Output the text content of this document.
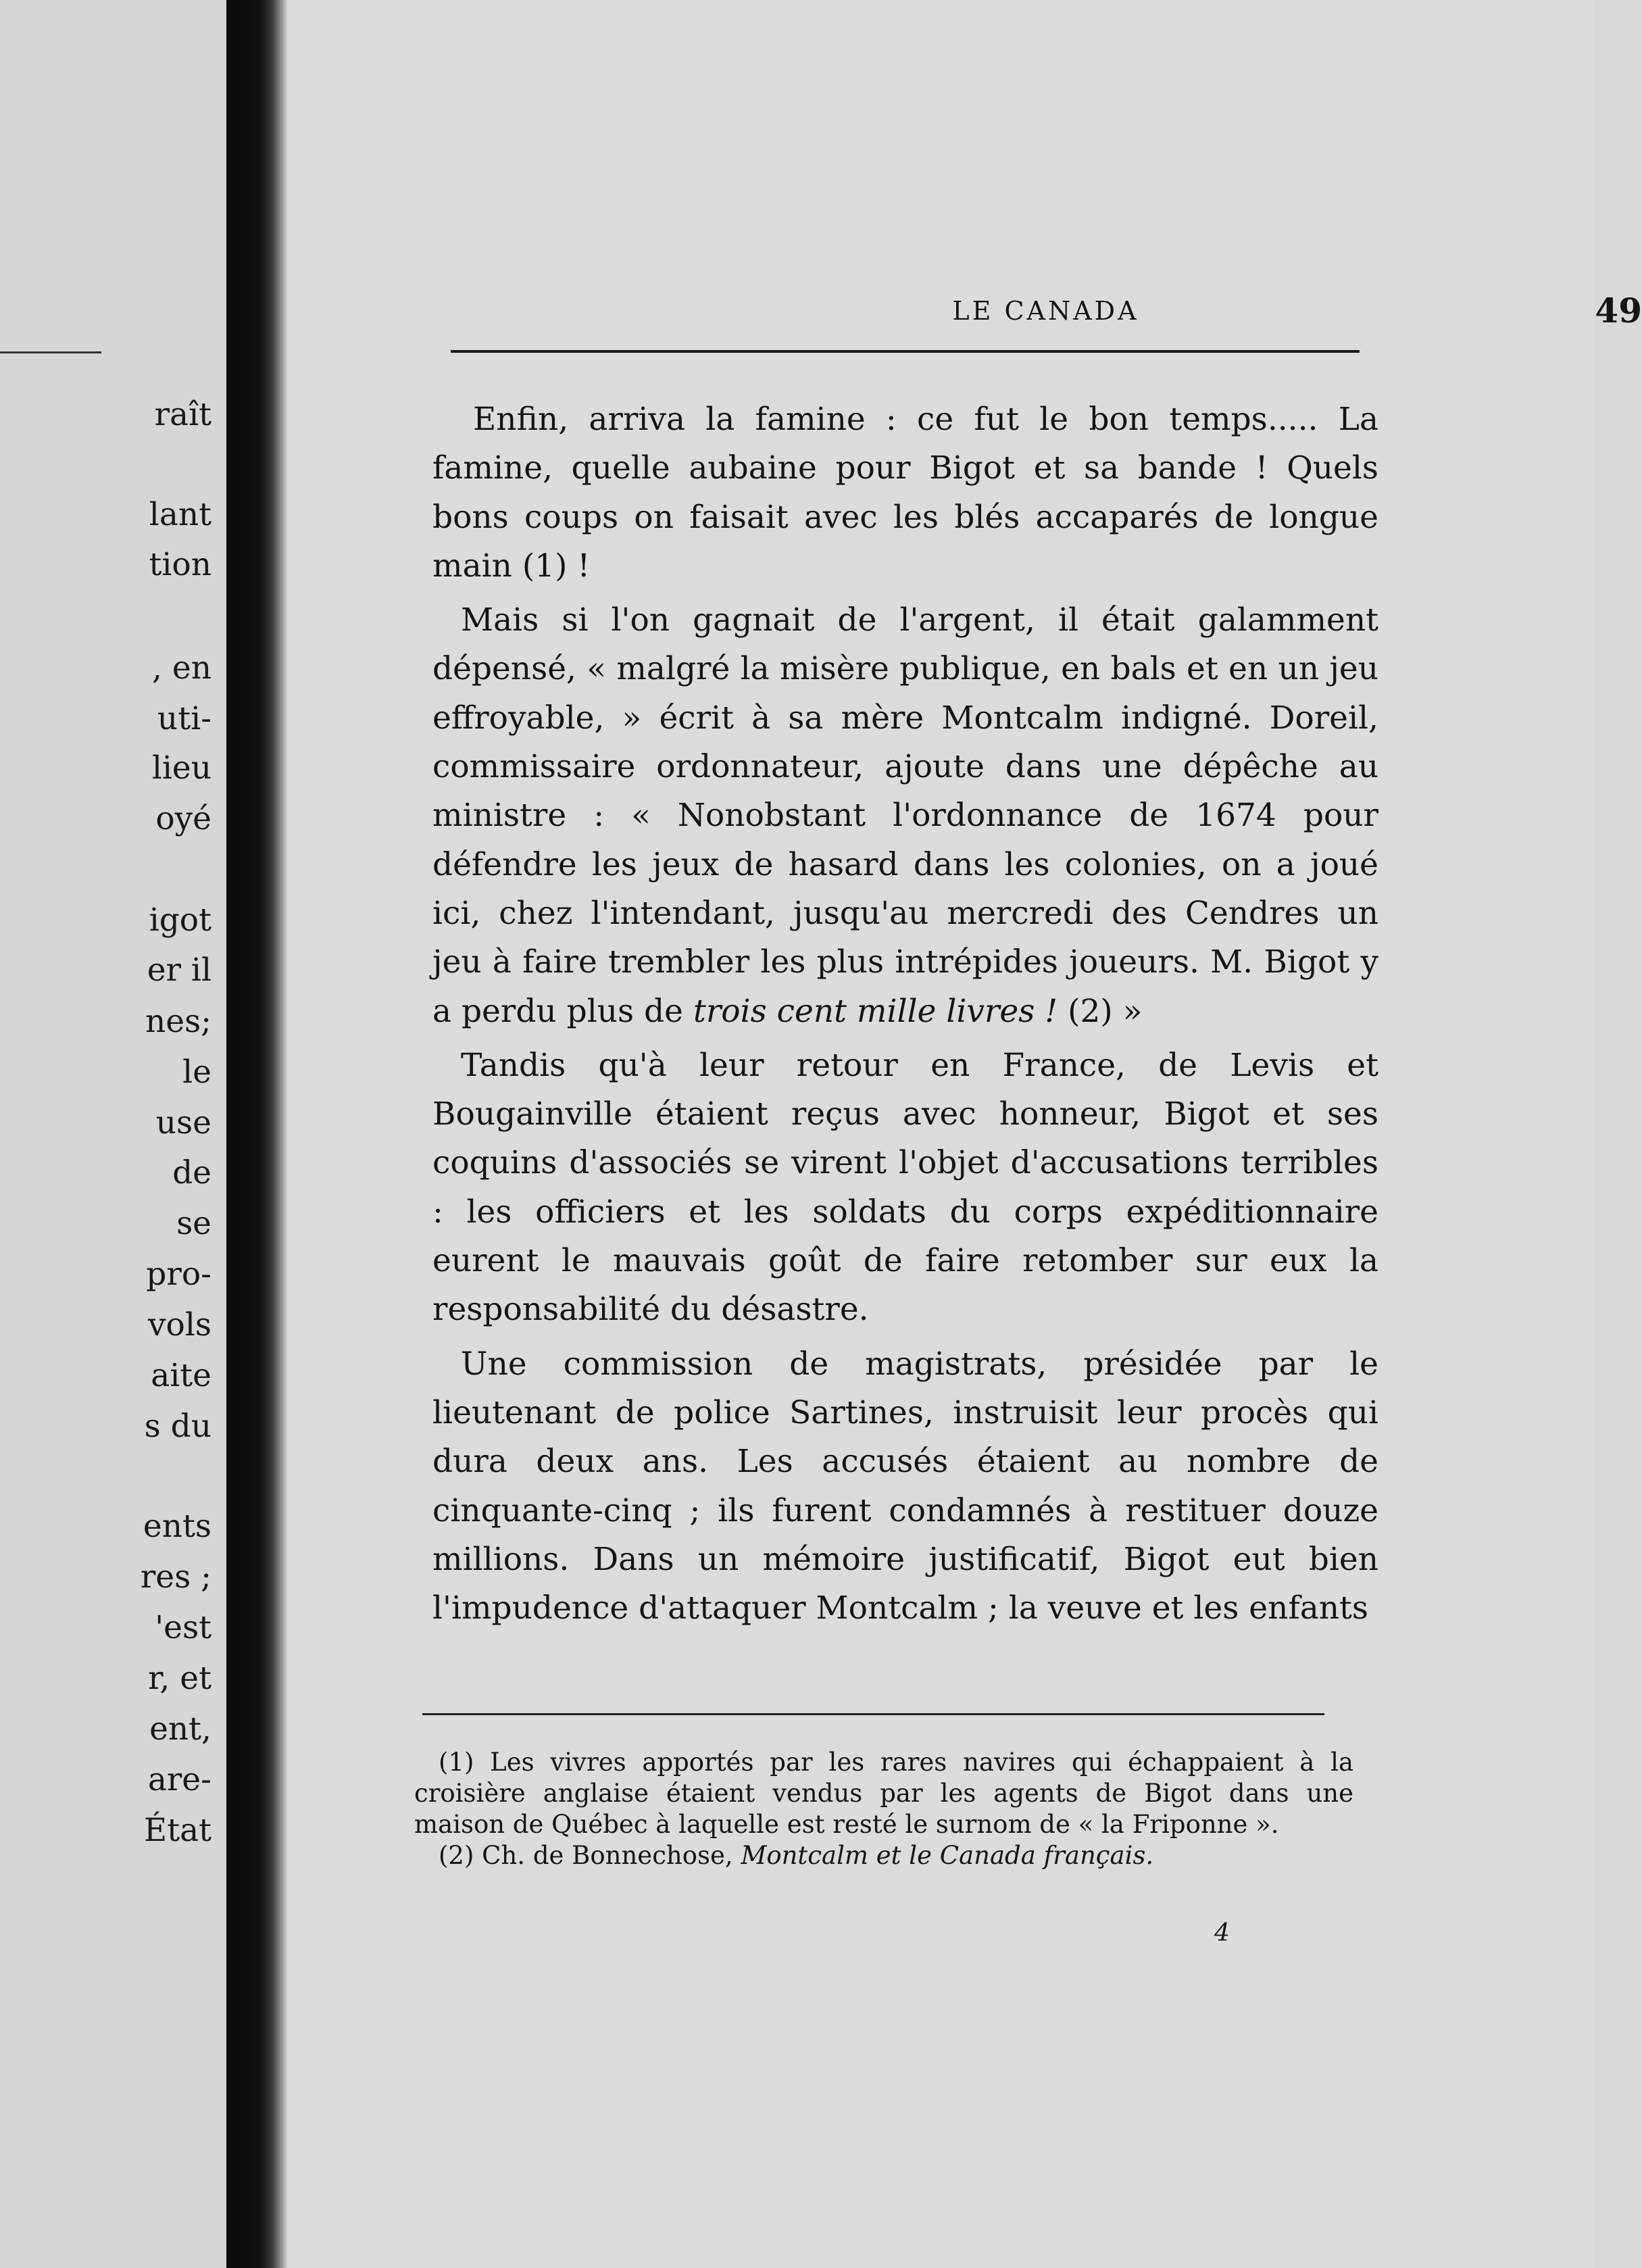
raît
lant
tion
, en
uti-
lieu
oyé
igot
er il
nes;
le
use
de
se
pro-
vols
aite
s du
ents
res ;
'est
r, et
ent,
are-
État
LE CANADA	49

Enfin, arriva la famine : ce fut le bon temps..... La famine, quelle aubaine pour Bigot et sa bande ! Quels bons coups on faisait avec les blés accaparés de longue main (1) !

Mais si l'on gagnait de l'argent, il était galamment dépensé, « malgré la misère publique, en bals et en un jeu effroyable, » écrit à sa mère Montcalm indigné. Doreil, commissaire ordonnateur, ajoute dans une dépêche au ministre : « Nonobstant l'ordonnance de 1674 pour défendre les jeux de hasard dans les colonies, on a joué ici, chez l'intendant, jusqu'au mercredi des Cendres un jeu à faire trembler les plus intrépides joueurs. M. Bigot y a perdu plus de trois cent mille livres ! (2) »

Tandis qu'à leur retour en France, de Levis et Bougainville étaient reçus avec honneur, Bigot et ses coquins d'associés se virent l'objet d'accusations terribles : les officiers et les soldats du corps expéditionnaire eurent le mauvais goût de faire retomber sur eux la responsabilité du désastre.

Une commission de magistrats, présidée par le lieutenant de police Sartines, instruisit leur procès qui dura deux ans. Les accusés étaient au nombre de cinquante-cinq ; ils furent condamnés à restituer douze millions. Dans un mémoire justificatif, Bigot eut bien l'impudence d'attaquer Montcalm ; la veuve et les enfants

(1) Les vivres apportés par les rares navires qui échappaient à la croisière anglaise étaient vendus par les agents de Bigot dans une maison de Québec à laquelle est resté le surnom de « la Friponne ».

(2) Ch. de Bonnechose, Montcalm et le Canada français.

4
